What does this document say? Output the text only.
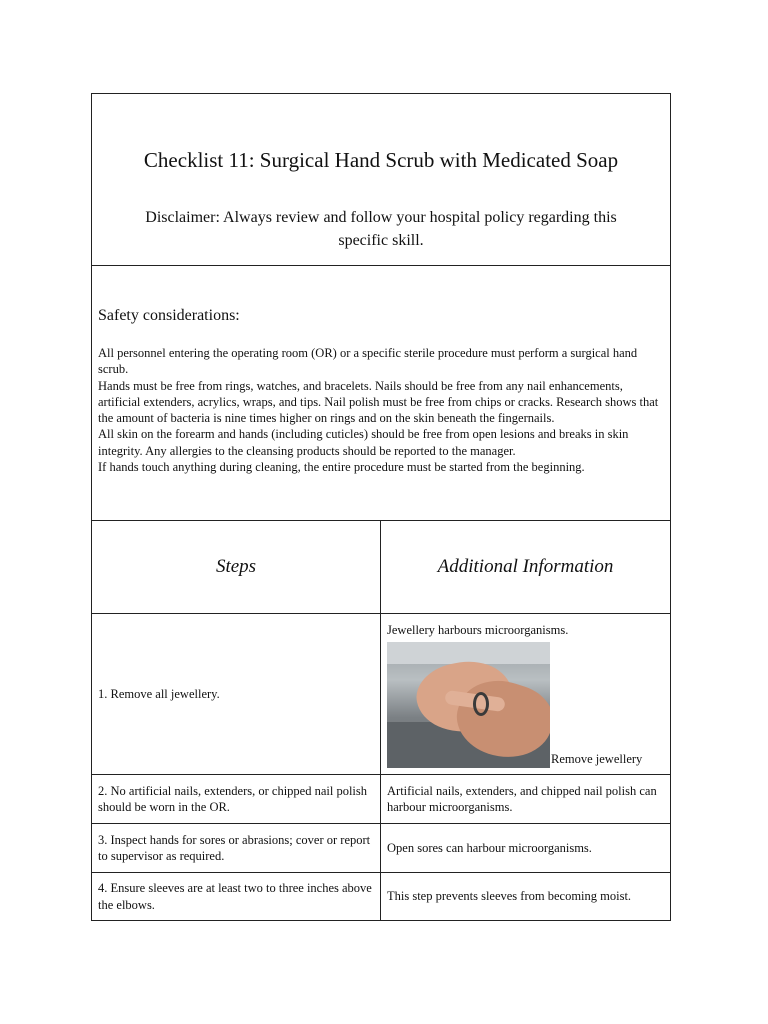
Checklist 11: Surgical Hand Scrub with Medicated Soap
Disclaimer: Always review and follow your hospital policy regarding this specific skill.	

Safety considerations:
All personnel entering the operating room (OR) or a specific sterile procedure must perform a surgical hand scrub.
Hands must be free from rings, watches, and bracelets. Nails should be free from any nail enhancements, artificial extenders, acrylics, wraps, and tips. Nail polish must be free from chips or cracks. Research shows that the amount of bacteria is nine times higher on rings and on the skin beneath the fingernails.
All skin on the forearm and hands (including cuticles) should be free from open lesions and breaks in skin integrity. Any allergies to the cleansing products should be reported to the manager.
If hands touch anything during cleaning, the entire procedure must be started from the beginning.	

Steps	Additional Information
1. Remove all jewellery.	Jewellery harbours microorganisms.
Remove jewellery

2. No artificial nails, extenders, or chipped nail polish should be worn in the OR.	Artificial nails, extenders, and chipped nail polish can harbour microorganisms.
3. Inspect hands for sores or abrasions; cover or report to supervisor as required.	Open sores can harbour microorganisms.
4. Ensure sleeves are at least two to three inches above the elbows.	This step prevents sleeves from becoming moist.
